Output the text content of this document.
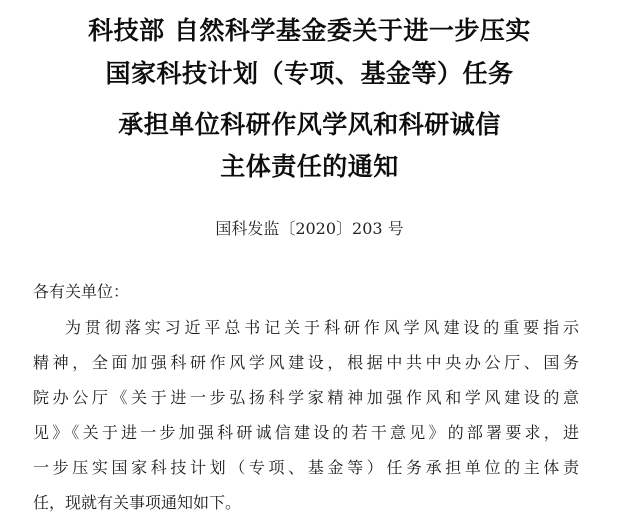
科技部 自然科学基金委关于进一步压实
国家科技计划（专项、基金等）任务
承担单位科研作风学风和科研诚信
主体责任的通知
国科发监〔2020〕203 号
各有关单位：
为贯彻落实习近平总书记关于科研作风学风建设的重要指示
精神，全面加强科研作风学风建设，根据中共中央办公厅、国务
院办公厅《关于进一步弘扬科学家精神加强作风和学风建设的意
见》《关于进一步加强科研诚信建设的若干意见》的部署要求，进
一步压实国家科技计划（专项、基金等）任务承担单位的主体责
任，现就有关事项通知如下。
